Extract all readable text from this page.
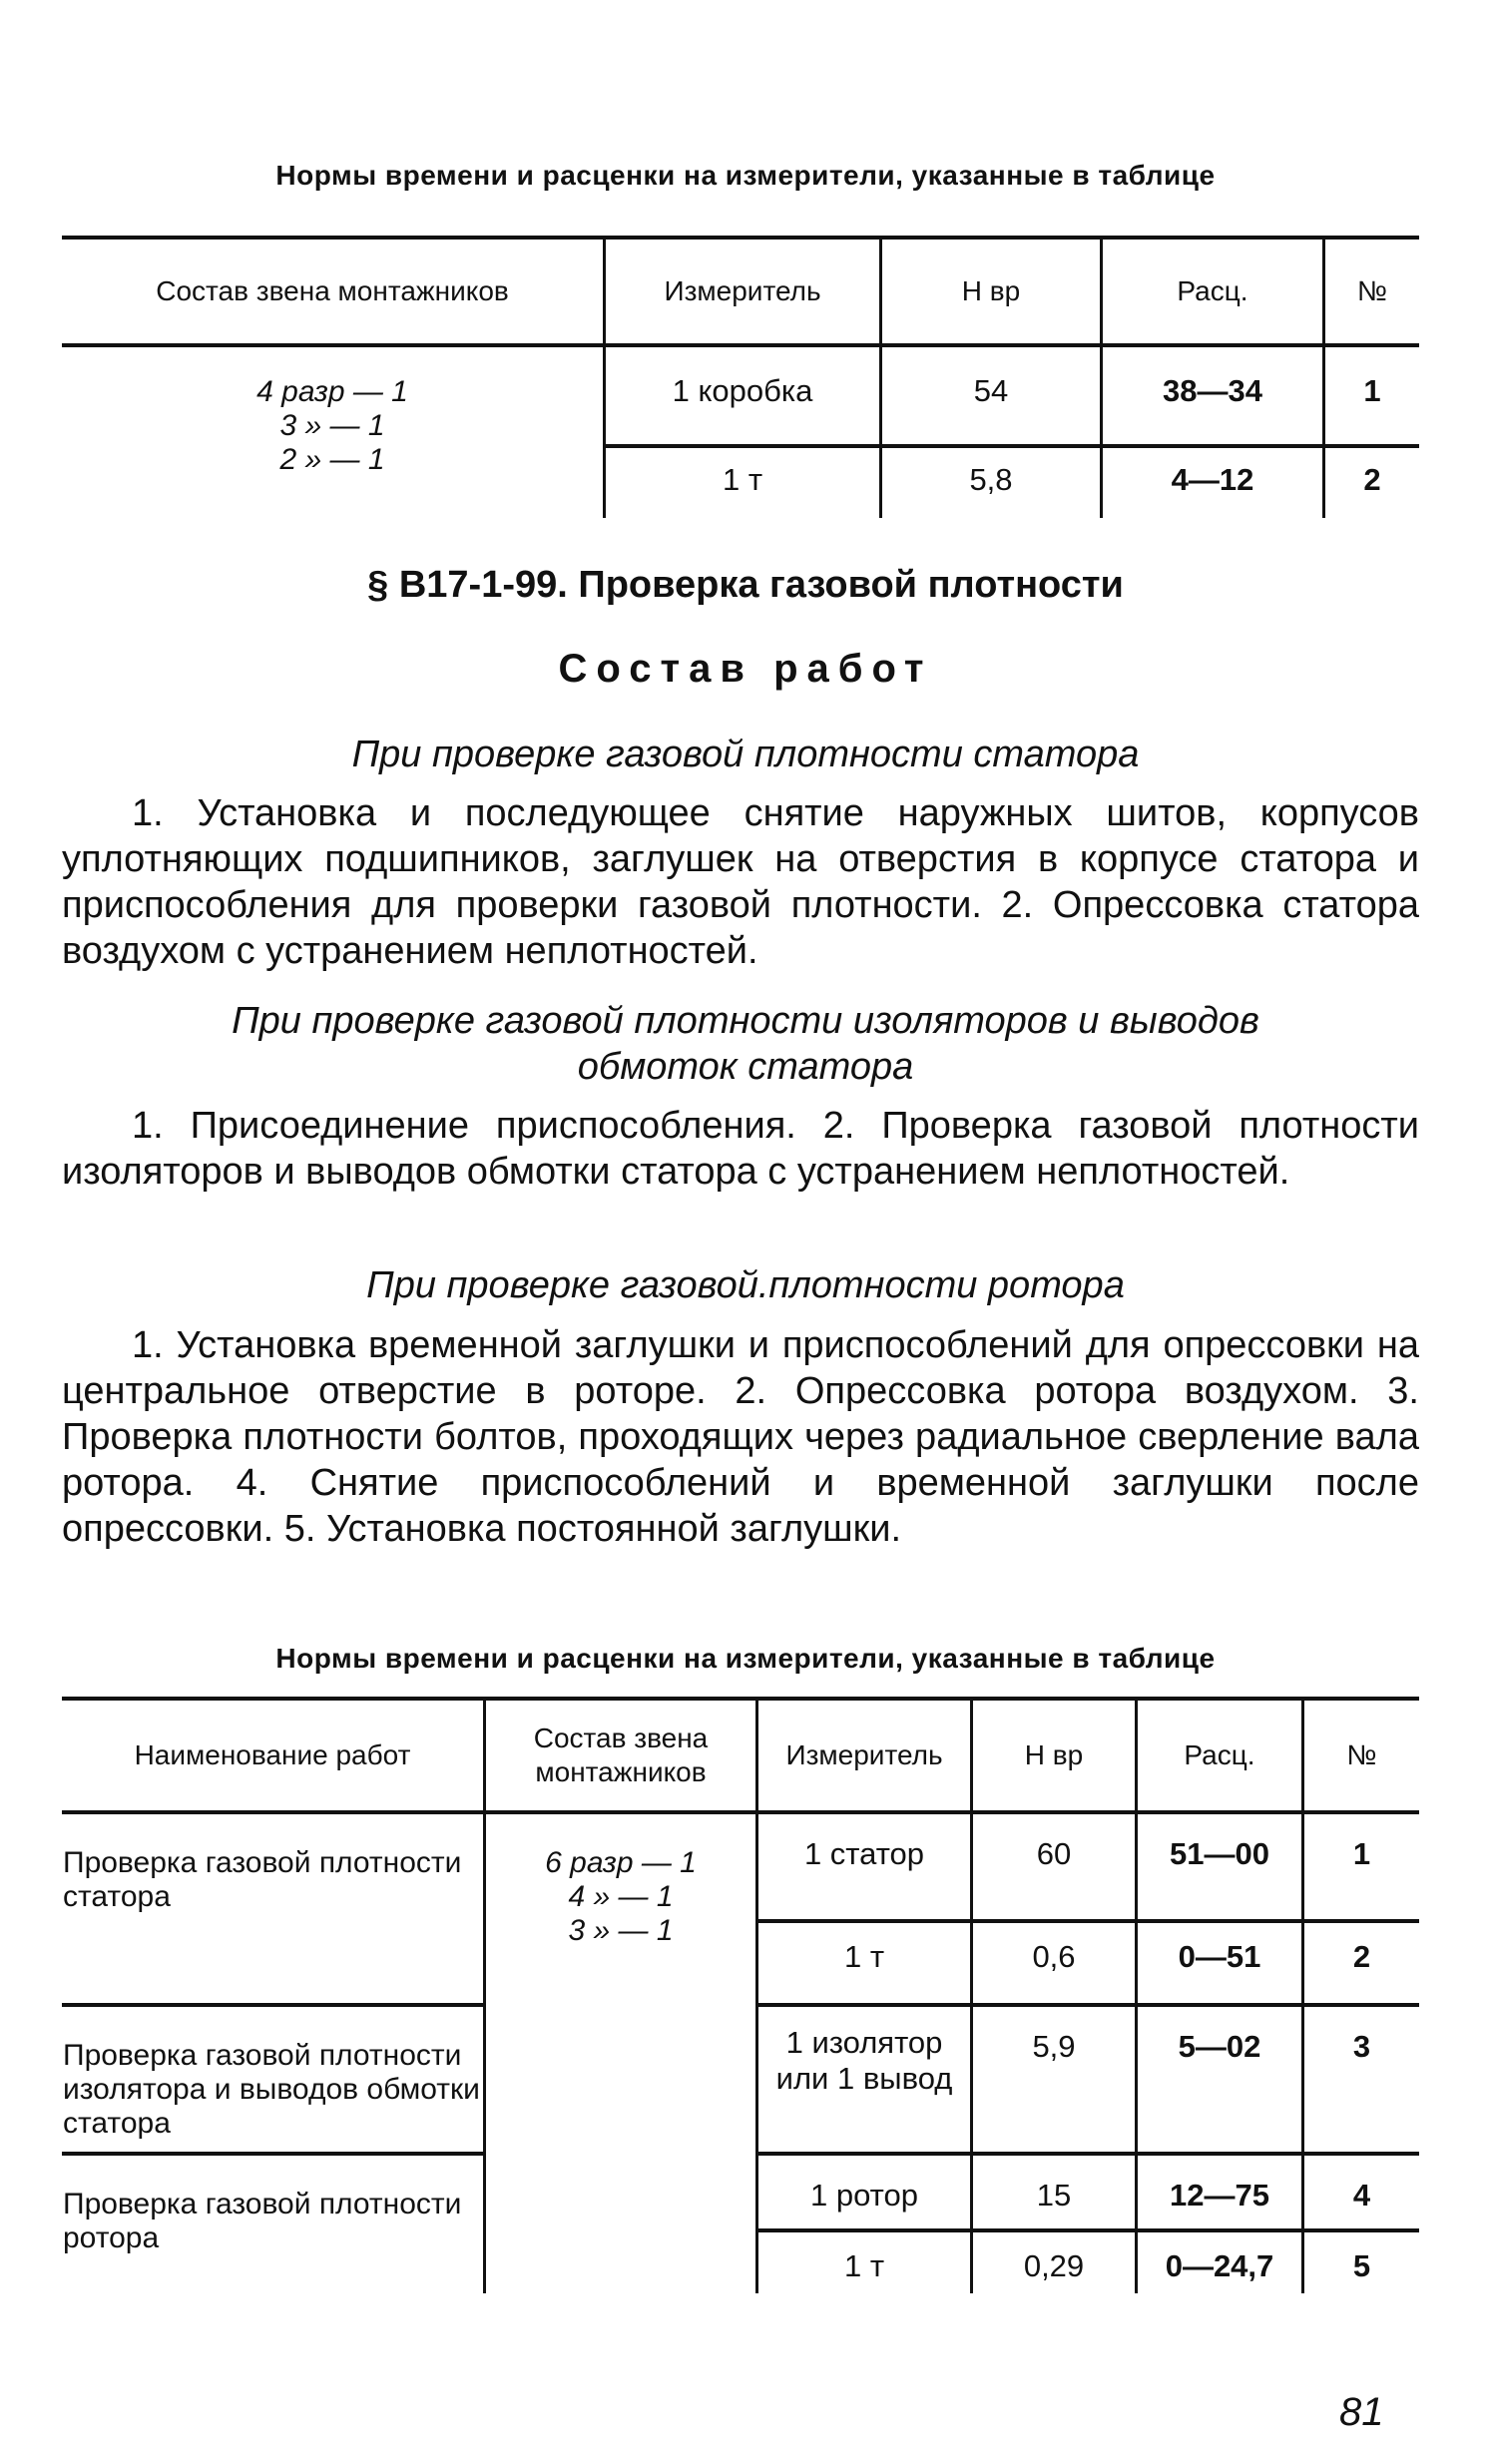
Нормы времени и расценки на измерители, указанные в таблице
Состав звена монтажников	Измеритель	Н вр	Расц.	№

4 разр — 1
3 » — 1
2 » — 1	1 коробка	54	38—34	1
	1 т	5,8	4—12	2
§ В17-1-99. Проверка газовой плотности
Состав работ
При проверке газовой плотности статора
1. Установка и последующее снятие наружных шитов, корпусов уплотняющих подшипников, заглушек на отверстия в корпусе статора и приспособления для проверки газовой плотности. 2. Опрессовка статора воздухом с устранением неплотностей.
При проверке газовой плотности изоляторов и выводов
обмоток статора
1. Присоединение приспособления. 2. Проверка газовой плотности изоляторов и выводов обмотки статора с устранением неплотностей.
При проверке газовой.плотности ротора
1. Установка временной заглушки и приспособлений для опрессовки на центральное отверстие в роторе. 2. Опрессовка ротора воздухом. 3. Проверка плотности болтов, проходящих через радиальное сверление вала ротора. 4. Снятие приспособлений и временной заглушки после опрессовки. 5. Установка постоянной заглушки.
Нормы времени и расценки на измерители, указанные в таблице
Наименование работ	Состав звена монтажников	Измеритель	Н вр	Расц.	№
Проверка газовой плотности статора	6 разр — 1
4 » — 1
3 » — 1	1 статор	60	51—00	1
		1 т	0,6	0—51	2
Проверка газовой плотности изолятора и выводов обмотки статора		1 изолятор или 1 вывод	5,9	5—02	3
Проверка газовой плотности ротора		1 ротор	15	12—75	4
		1 т	0,29	0—24,7	5
81
